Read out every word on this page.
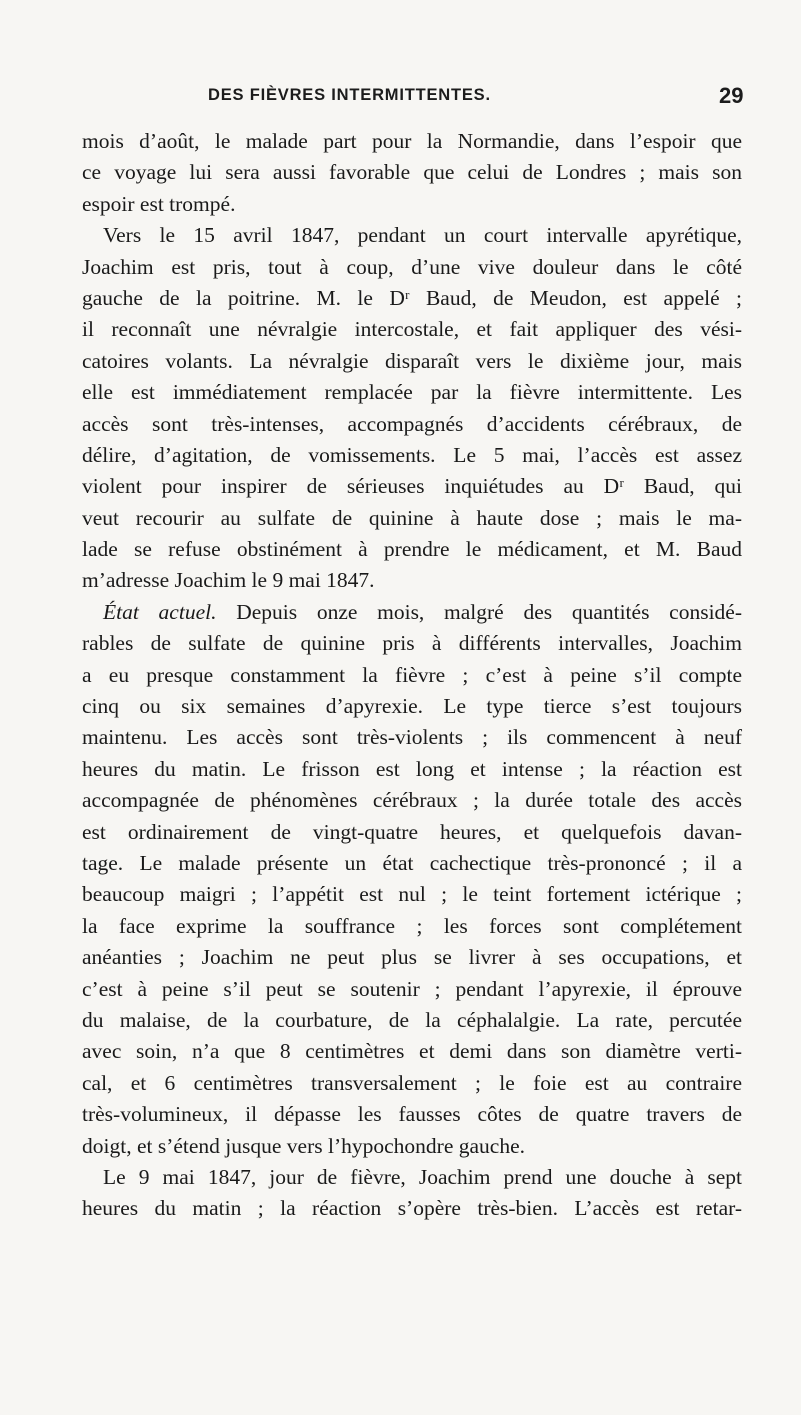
DES FIÈVRES INTERMITTENTES.	29
mois d’août, le malade part pour la Normandie, dans l’espoir que
ce voyage lui sera aussi favorable que celui de Londres ; mais son
espoir est trompé.
Vers le 15 avril 1847, pendant un court intervalle apyrétique,
Joachim est pris, tout à coup, d’une vive douleur dans le côté
gauche de la poitrine. M. le Dʳ Baud, de Meudon, est appelé ;
il reconnaît une névralgie intercostale, et fait appliquer des vési-
catoires volants. La névralgie disparaît vers le dixième jour, mais
elle est immédiatement remplacée par la fièvre intermittente. Les
accès sont très-intenses, accompagnés d’accidents cérébraux, de
délire, d’agitation, de vomissements. Le 5 mai, l’accès est assez
violent pour inspirer de sérieuses inquiétudes au Dʳ Baud, qui
veut recourir au sulfate de quinine à haute dose ; mais le ma-
lade se refuse obstinément à prendre le médicament, et M. Baud
m’adresse Joachim le 9 mai 1847.
État actuel. Depuis onze mois, malgré des quantités considé-
rables de sulfate de quinine pris à différents intervalles, Joachim
a eu presque constamment la fièvre ; c’est à peine s’il compte
cinq ou six semaines d’apyrexie. Le type tierce s’est toujours
maintenu. Les accès sont très-violents ; ils commencent à neuf
heures du matin. Le frisson est long et intense ; la réaction est
accompagnée de phénomènes cérébraux ; la durée totale des accès
est ordinairement de vingt-quatre heures, et quelquefois davan-
tage. Le malade présente un état cachectique très-prononcé ; il a
beaucoup maigri ; l’appétit est nul ; le teint fortement ictérique ;
la face exprime la souffrance ; les forces sont complétement
anéanties ; Joachim ne peut plus se livrer à ses occupations, et
c’est à peine s’il peut se soutenir ; pendant l’apyrexie, il éprouve
du malaise, de la courbature, de la céphalalgie. La rate, percutée
avec soin, n’a que 8 centimètres et demi dans son diamètre verti-
cal, et 6 centimètres transversalement ; le foie est au contraire
très-volumineux, il dépasse les fausses côtes de quatre travers de
doigt, et s’étend jusque vers l’hypochondre gauche.
Le 9 mai 1847, jour de fièvre, Joachim prend une douche à sept
heures du matin ; la réaction s’opère très-bien. L’accès est retar-
